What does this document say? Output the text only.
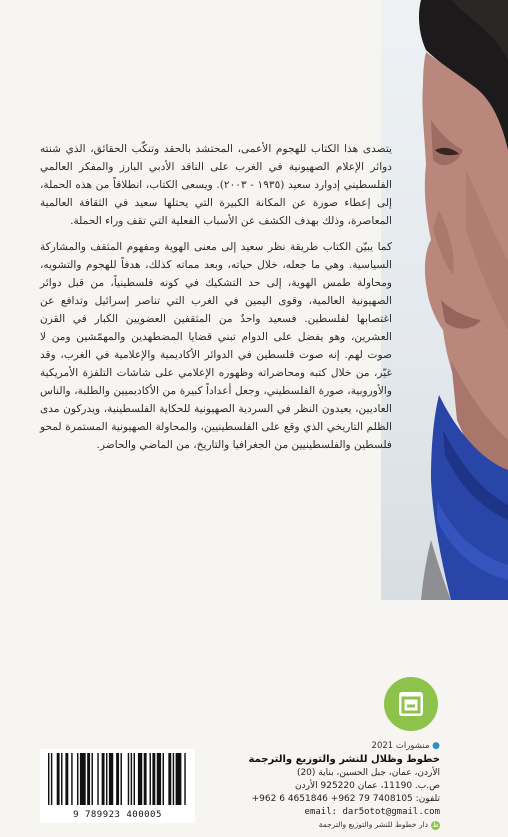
يتصدى هذا الكتاب للهجوم الأعمى، المحتشد بالحقد وتنكّب الحقائق، الذي شنته دوائر الإعلام الصهيونية في الغرب على الناقد الأدبي البارز والمفكر العالمي الفلسطيني إدوارد سعيد (١٩٣٥ - ٢٠٠٣). ويسعى الكتاب، انطلاقاً من هذه الحملة، إلى إعطاء صورة عن المكانة الكبيرة التي يحتلها سعيد في الثقافة العالمية المعاصرة، وذلك بهدف الكشف عن الأسباب الفعلية التي تقف وراء الحملة.

كما يبيّن الكتاب طريقة نظر سعيد إلى معنى الهوية ومفهوم المثقف والمشاركة السياسية. وهي ما جعله، خلال حياته، وبعد مماته كذلك، هدفاً للهجوم والتشويه، ومحاولة طمس الهوية، إلى حد التشكيك في كونه فلسطينياً، من قبل دوائر الصهيونية العالمية، وقوى اليمين في الغرب التي تناصر إسرائيل وتدافع عن اغتصابها لفلسطين. فسعيد واحدٌ من المثقفين العضويين الكبار في القرن العشرين، وهو يفضل على الدوام تبني قضايا المضطهدين والمهمّشين ومن لا صوت لهم. إنه صوت فلسطين في الدوائر الأكاديمية والإعلامية في الغرب، وقد غيّر، من خلال كتبه ومحاضراته وظهوره الإعلامي على شاشات التلفزة الأمريكية والأوروبية، صورة الفلسطيني، وجعل أعداداً كبيرة من الأكاديميين والطلبة، والناس العاديين، يعيدون النظر في السردية الصهيونية للحكاية الفلسطينية، ويدركون مدى الظلم التاريخي الذي وقع على الفلسطينيين، والمحاولة الصهيونية المستمرة لمحو فلسطين والفلسطينيين من الجغرافيا والتاريخ، من الماضي والحاضر.

● منشورات 2021
خطوط وظلال للنشر والتوزيع والترجمة
الأردن، عمان، جبل الحسين، بناية (20)
ص.ب. 11190، عمان 925220 الأردن
تلفون: 7408105 79 962+ 4651846 6 962+
email: dar5otot@gmail.com
ظدار خطوط للنشر والتوزيع والترجمة
9 789923 400005
